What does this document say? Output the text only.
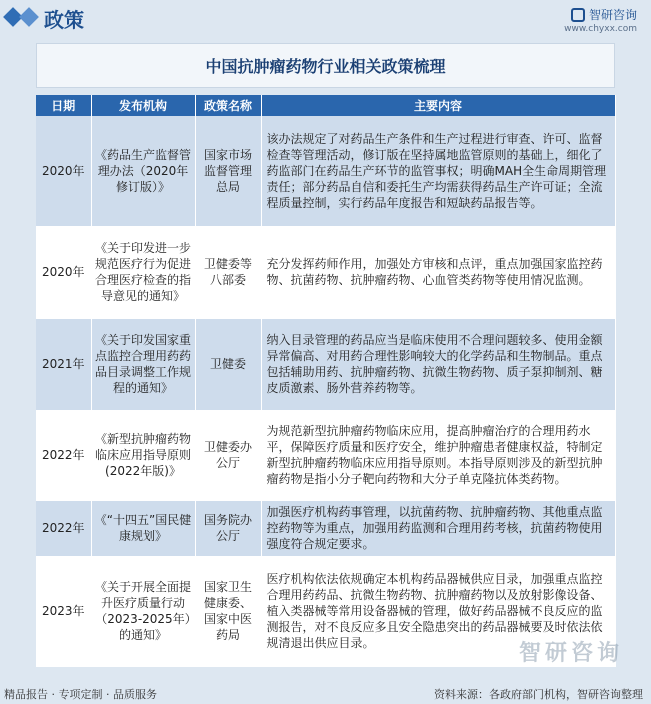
政策	智研咨询
www.chyxx.com
中国抗肿瘤药物行业相关政策梳理
日期	发布机构	政策名称	主要内容
2020年	《药品生产监督管理办法（2020年修订版）》	国家市场监督管理总局	该办法规定了对药品生产条件和生产过程进行审查、许可、监督检查等管理活动，修订版在坚持属地监管原则的基础上，细化了药监部门在药品生产环节的监管事权；明确MAH全生命周期管理责任；部分药品自信和委托生产均需获得药品生产许可证；全流程质量控制，实行药品年度报告和短缺药品报告等。
2020年	《关于印发进一步规范医疗行为促进合理医疗检查的指导意见的通知》	卫健委等八部委	充分发挥药师作用，加强处方审核和点评，重点加强国家监控药物、抗菌药物、抗肿瘤药物、心血管类药物等使用情况监测。
2021年	《关于印发国家重点监控合理用药药品目录调整工作规程的通知》	卫健委	纳入目录管理的药品应当是临床使用不合理问题较多、使用金额异常偏高、对用药合理性影响较大的化学药品和生物制品。重点包括辅助用药、抗肿瘤药物、抗微生物药物、质子泵抑制剂、糖皮质激素、肠外营养药物等。
2022年	《新型抗肿瘤药物临床应用指导原则(2022年版)》	卫健委办公厅	为规范新型抗肿瘤药物临床应用，提高肿瘤治疗的合理用药水平，保障医疗质量和医疗安全，维护肿瘤患者健康权益，特制定新型抗肿瘤药物临床应用指导原则。本指导原则涉及的新型抗肿瘤药物是指小分子靶向药物和大分子单克隆抗体类药物。
2022年	《“十四五”国民健康规划》	国务院办公厅	加强医疗机构药事管理，以抗菌药物、抗肿瘤药物、其他重点监控药物等为重点，加强用药监测和合理用药考核，抗菌药物使用强度符合规定要求。
2023年	《关于开展全面提升医疗质量行动（2023-2025年）的通知》	国家卫生健康委、国家中医药局	医疗机构依法依规确定本机构药品器械供应目录，加强重点监控合理用药药品、抗微生物药物、抗肿瘤药物以及放射影像设备、植入类器械等常用设备器械的管理，做好药品器械不良反应的监测报告，对不良反应多且安全隐患突出的药品器械要及时依法依规清退出供应目录。	智研咨询
精品报告 · 专项定制 · 品质服务	资料来源：各政府部门机构，智研咨询整理
